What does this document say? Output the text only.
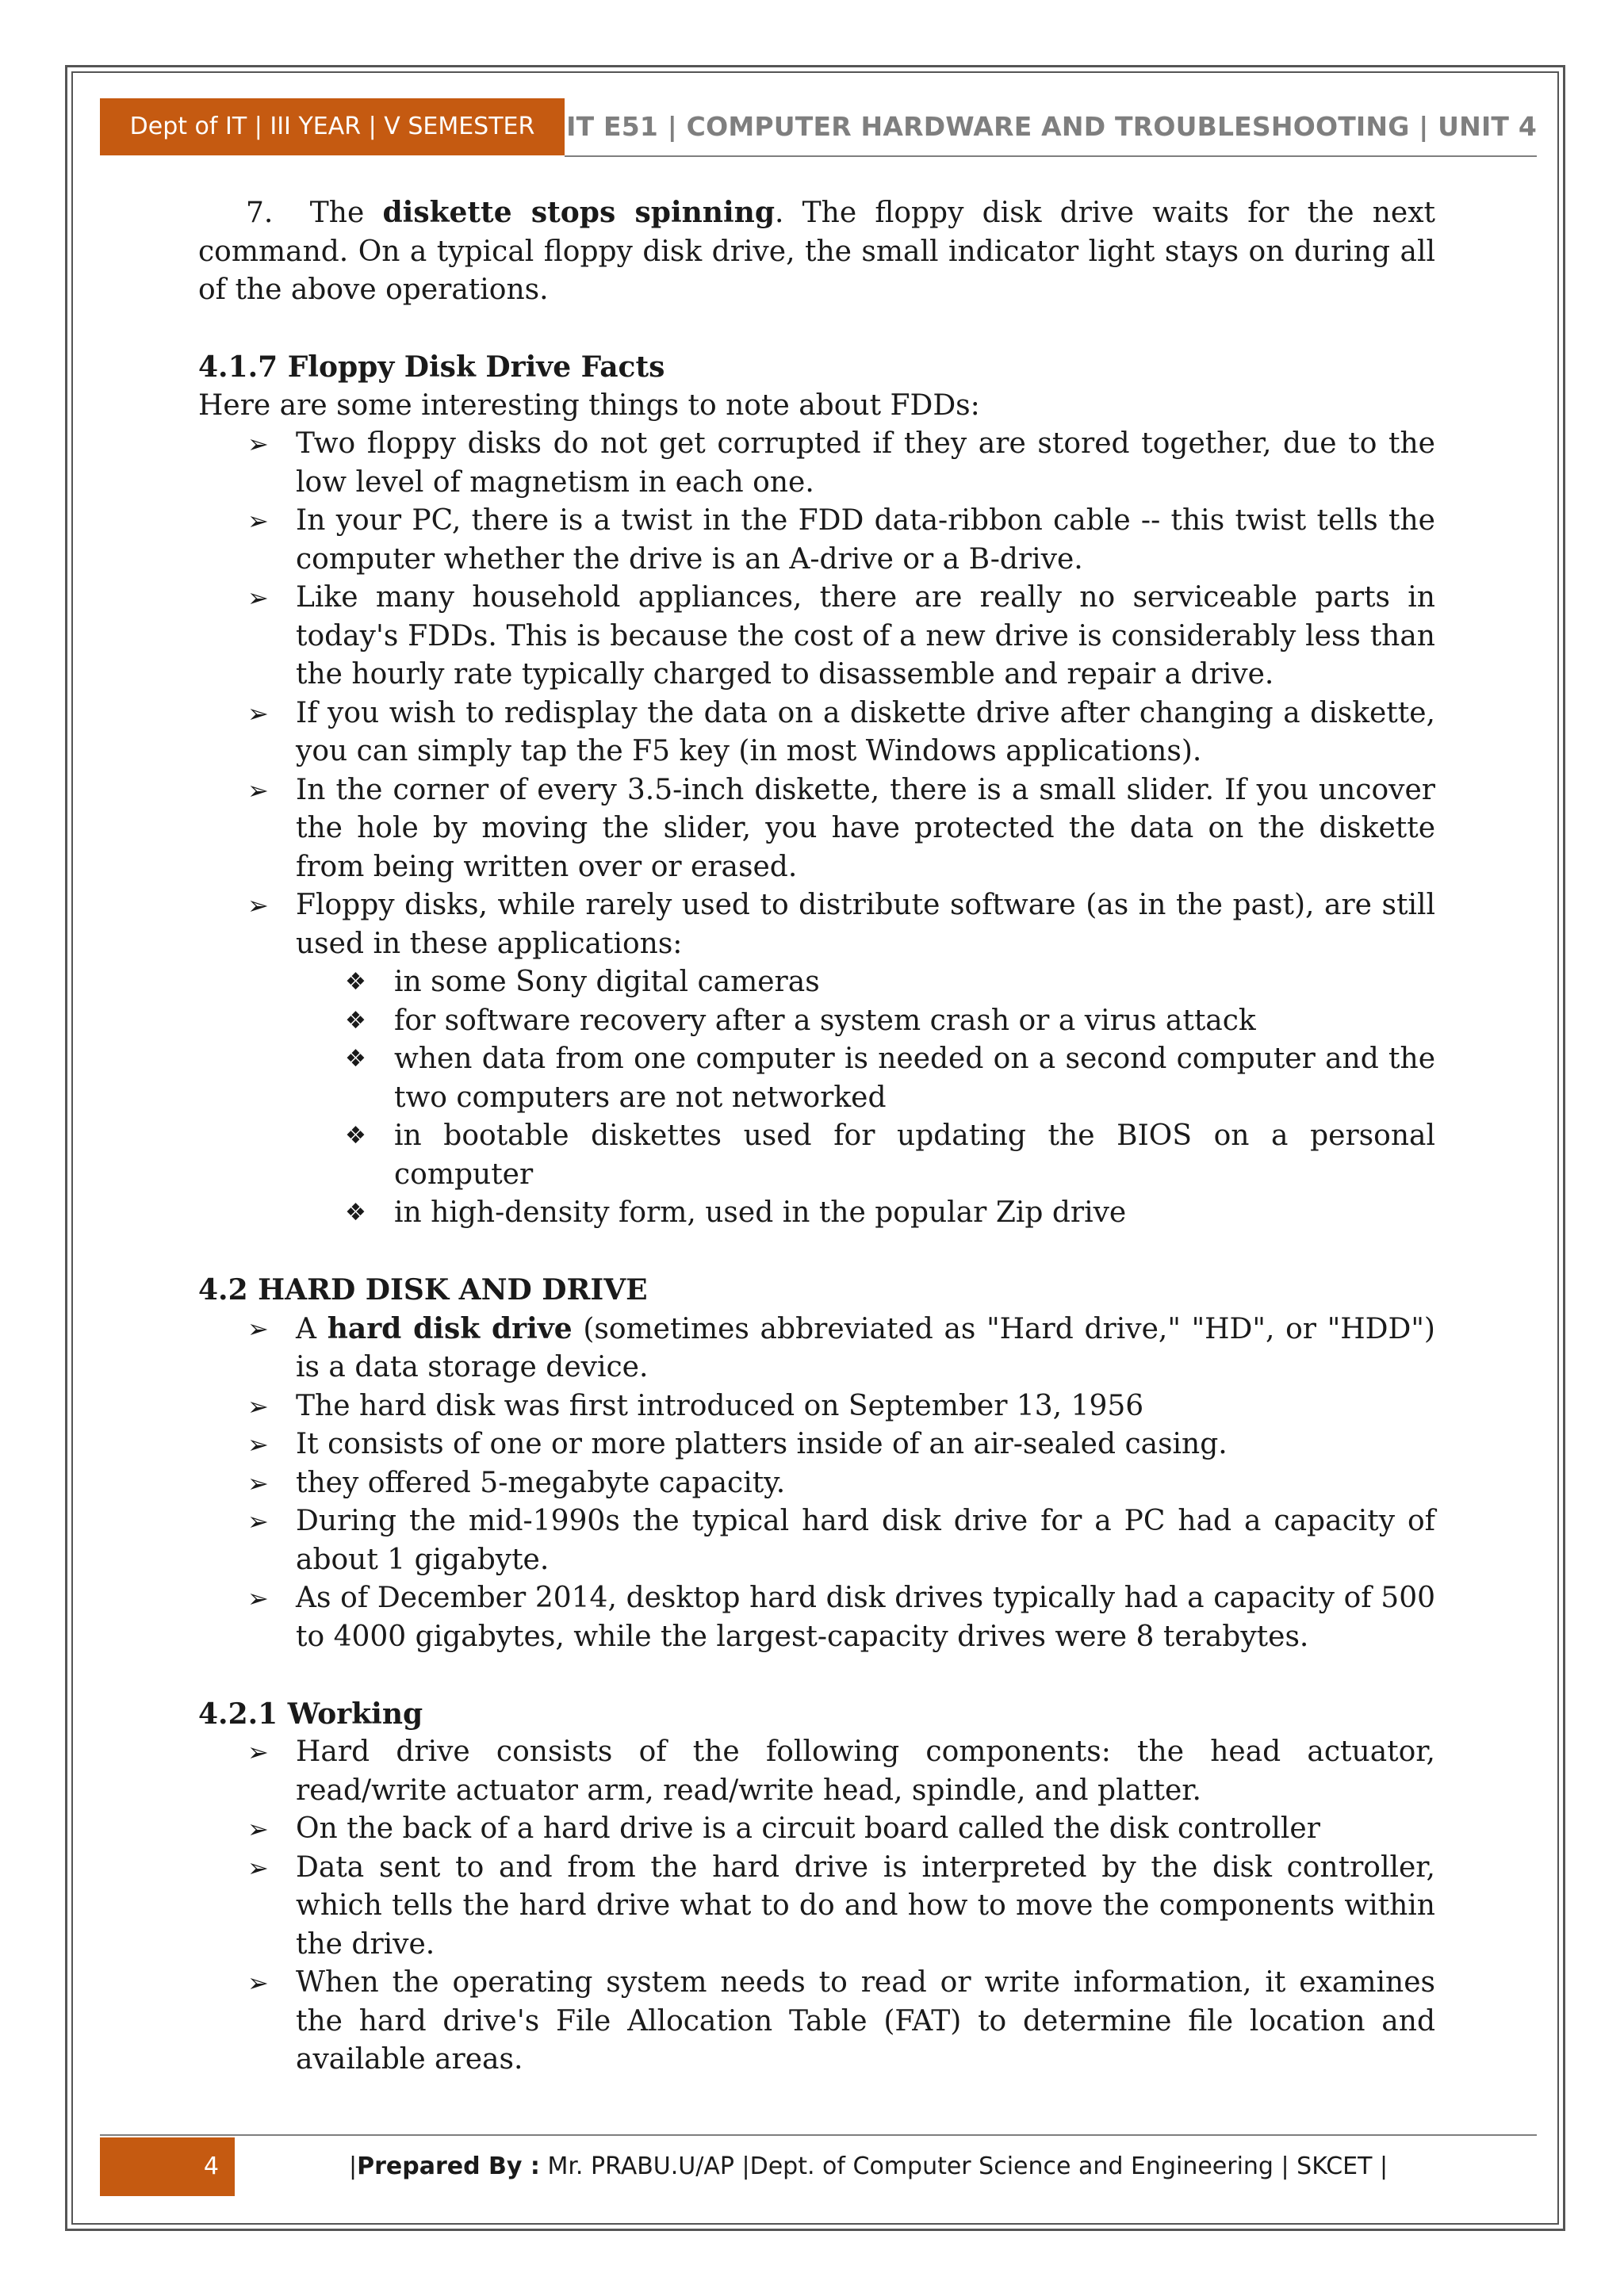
Dept of IT | III YEAR | V SEMESTER	IT E51 | COMPUTER HARDWARE AND TROUBLESHOOTING | UNIT 4

7. The diskette stops spinning. The floppy disk drive waits for the next command. On a typical floppy disk drive, the small indicator light stays on during all of the above operations.

4.1.7 Floppy Disk Drive Facts

Here are some interesting things to note about FDDs:

➢ Two floppy disks do not get corrupted if they are stored together, due to the low level of magnetism in each one.
➢ In your PC, there is a twist in the FDD data-ribbon cable -- this twist tells the computer whether the drive is an A-drive or a B-drive.
➢ Like many household appliances, there are really no serviceable parts in today's FDDs. This is because the cost of a new drive is considerably less than the hourly rate typically charged to disassemble and repair a drive.
➢ If you wish to redisplay the data on a diskette drive after changing a diskette, you can simply tap the F5 key (in most Windows applications).
➢ In the corner of every 3.5-inch diskette, there is a small slider. If you uncover the hole by moving the slider, you have protected the data on the diskette from being written over or erased.
➢ Floppy disks, while rarely used to distribute software (as in the past), are still used in these applications:
❖ in some Sony digital cameras
❖ for software recovery after a system crash or a virus attack
❖ when data from one computer is needed on a second computer and the two computers are not networked
❖ in bootable diskettes used for updating the BIOS on a personal computer
❖ in high-density form, used in the popular Zip drive

4.2 HARD DISK AND DRIVE

➢ A hard disk drive (sometimes abbreviated as "Hard drive," "HD", or "HDD") is a data storage device.
➢ The hard disk was first introduced on September 13, 1956
➢ It consists of one or more platters inside of an air-sealed casing.
➢ they offered 5-megabyte capacity.
➢ During the mid-1990s the typical hard disk drive for a PC had a capacity of about 1 gigabyte.
➢ As of December 2014, desktop hard disk drives typically had a capacity of 500 to 4000 gigabytes, while the largest-capacity drives were 8 terabytes.

4.2.1 Working

➢ Hard drive consists of the following components: the head actuator, read/write actuator arm, read/write head, spindle, and platter.
➢ On the back of a hard drive is a circuit board called the disk controller
➢ Data sent to and from the hard drive is interpreted by the disk controller, which tells the hard drive what to do and how to move the components within the drive.
➢ When the operating system needs to read or write information, it examines the hard drive's File Allocation Table (FAT) to determine file location and available areas.
4	|Prepared By : Mr. PRABU.U/AP |Dept. of Computer Science and Engineering | SKCET |
